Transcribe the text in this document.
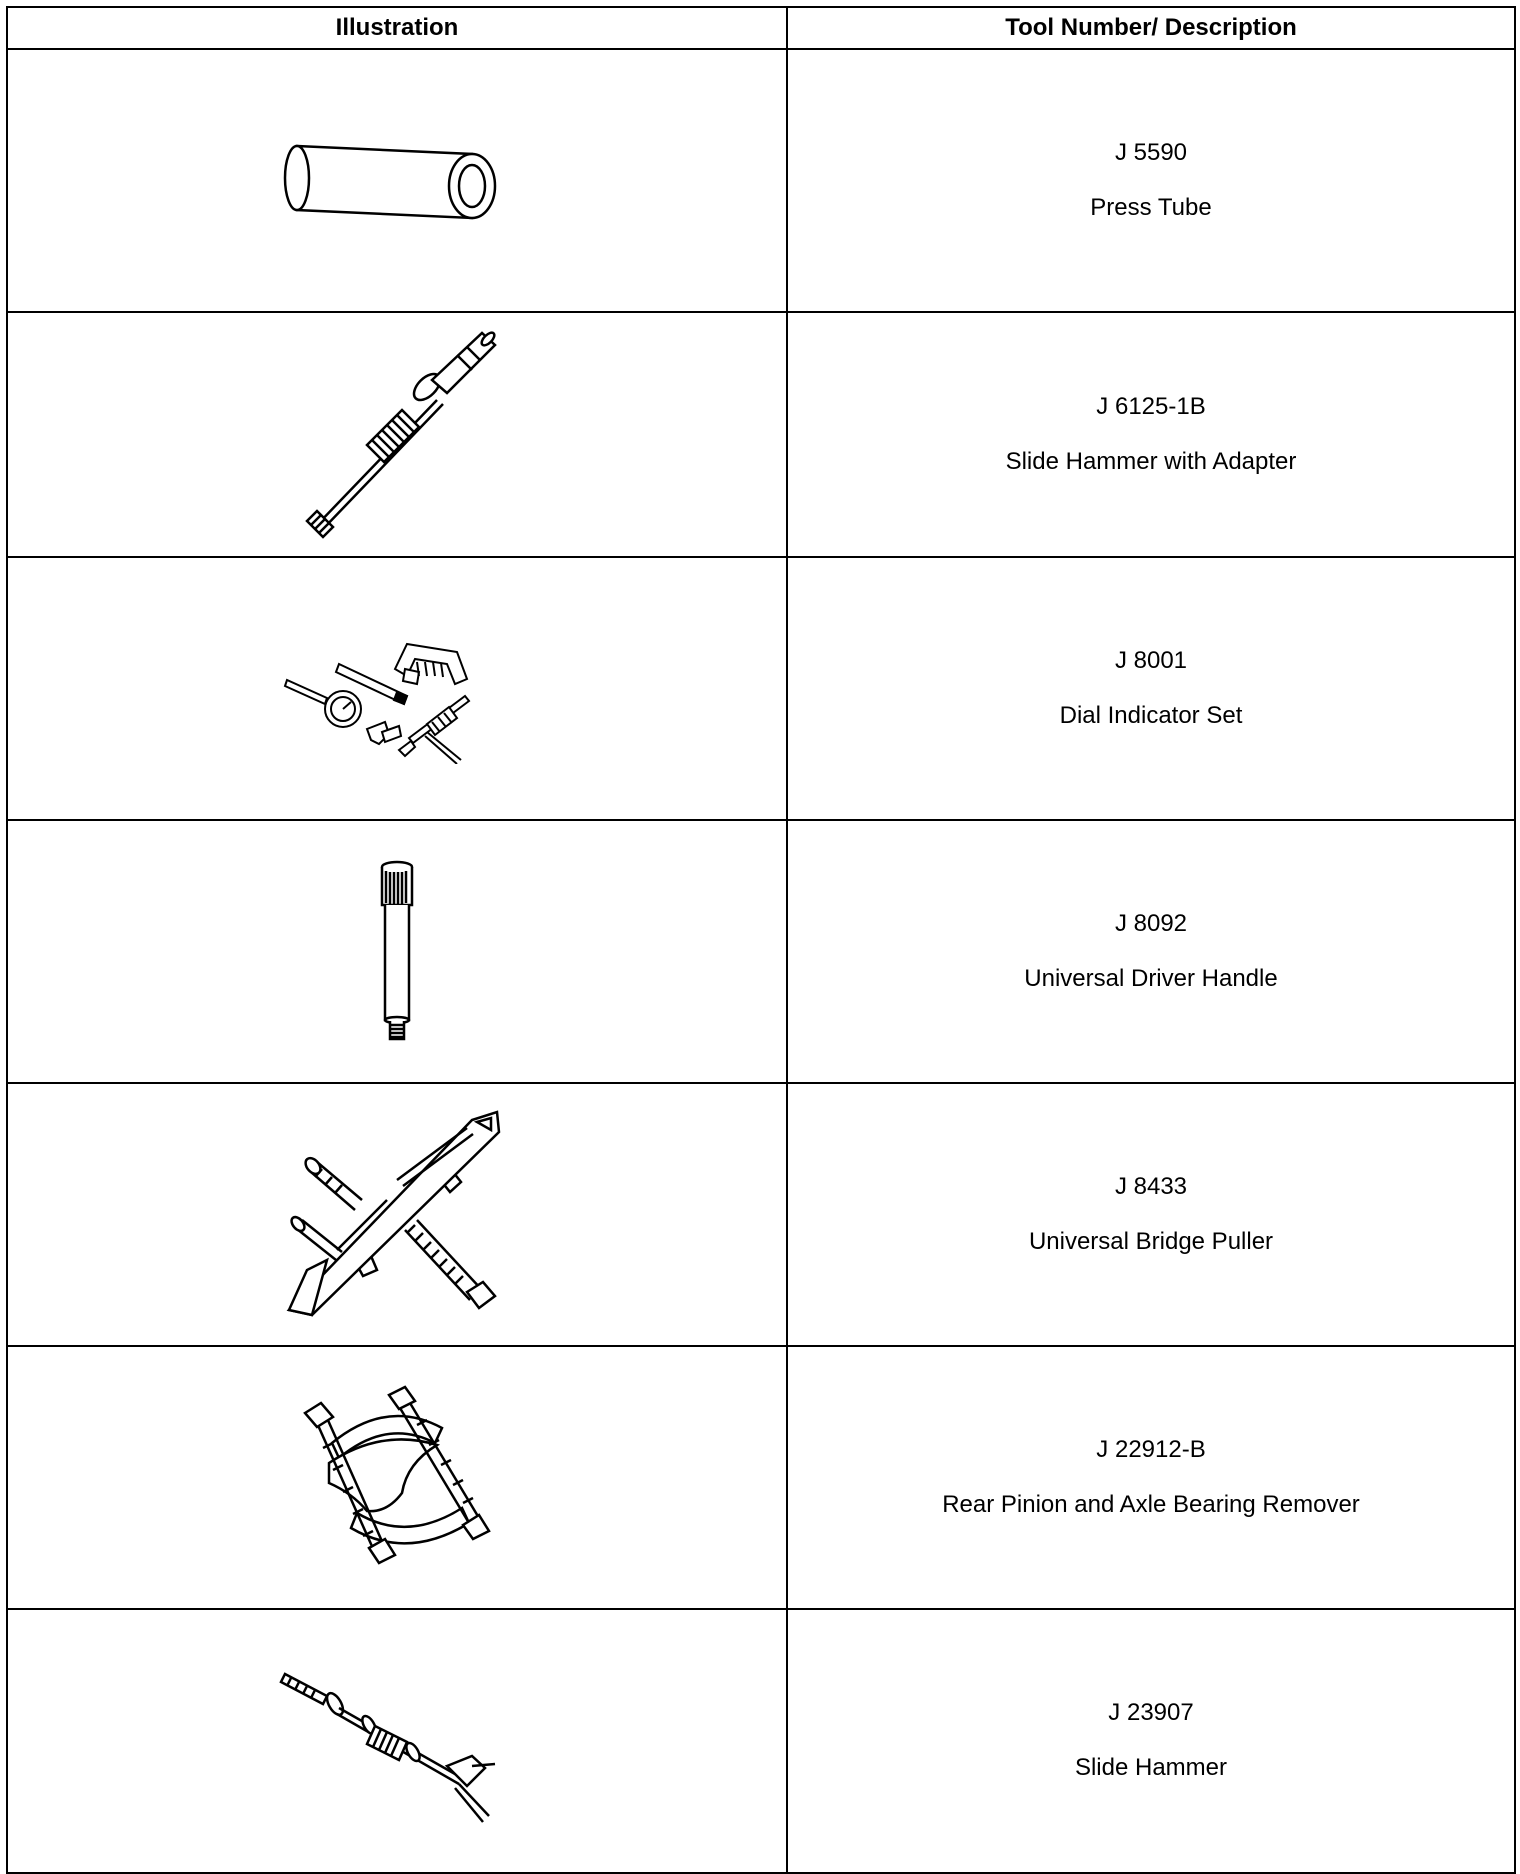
Illustration	Tool Number/ Description

J 5590
Press Tube

J 6125-1B
Slide Hammer with Adapter

J 8001
Dial Indicator Set

J 8092
Universal Driver Handle

J 8433
Universal Bridge Puller

J 22912-B
Rear Pinion and Axle Bearing Remover

J 23907
Slide Hammer
